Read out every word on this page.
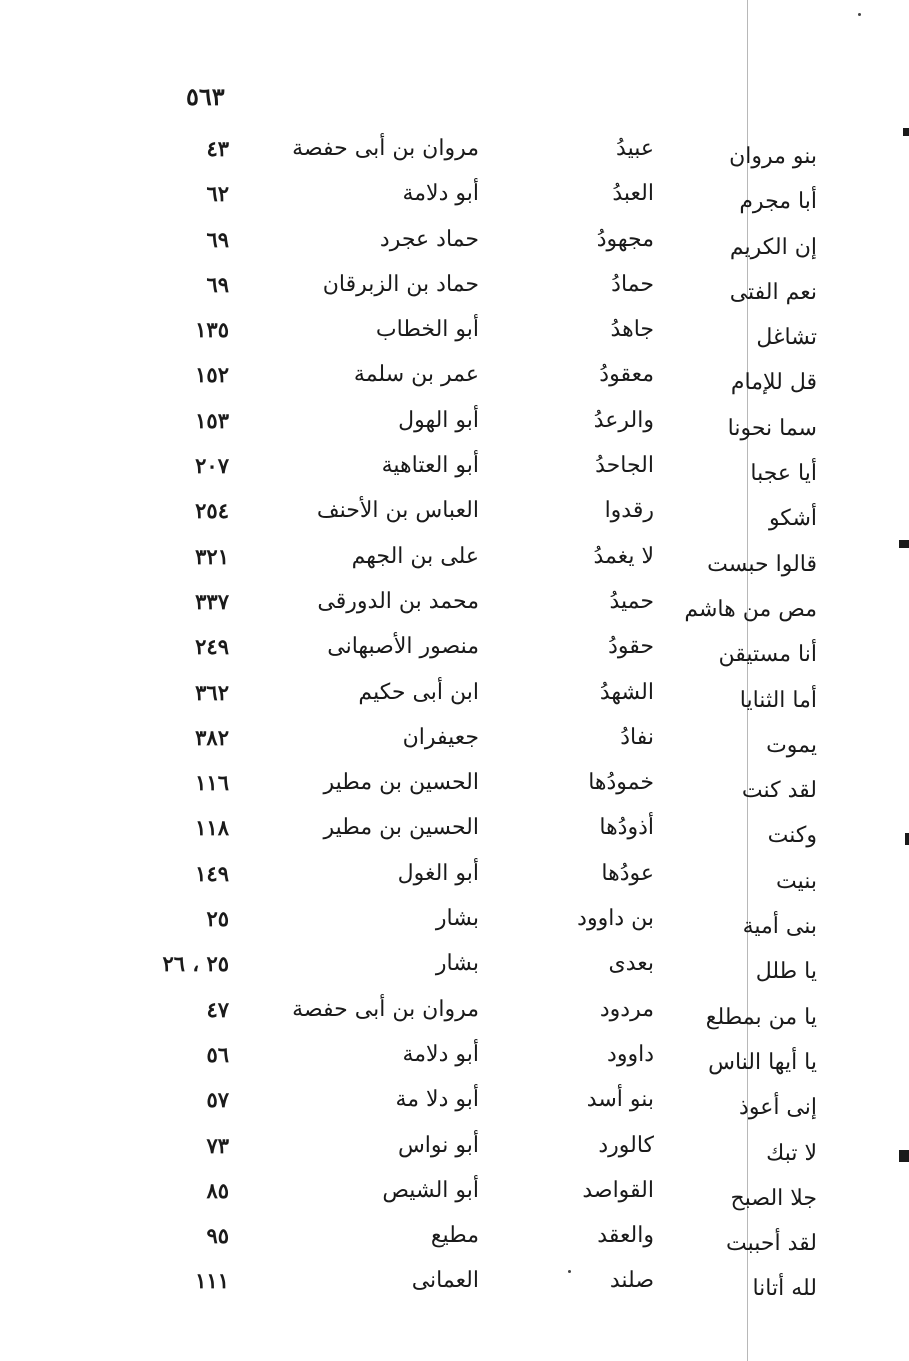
٥٦٣
بنو مروان
عبيدُ
مروان بن أبى حفصة
٤٣
أبا مجرم
العبدُ
أبو دلامة
٦٢
إن الكريم
مجهودُ
حماد عجرد
٦٩
نعم الفتى
حمادُ
حماد بن الزبرقان
٦٩
تشاغل
جاهدُ
أبو الخطاب
١٣٥
قل للإمام
معقودُ
عمر بن سلمة
١٥٢
سما نحونا
والرعدُ
أبو الهول
١٥٣
أيا عجبا
الجاحدُ
أبو العتاهية
٢٠٧
أشكو
رقدوا
العباس بن الأحنف
٢٥٤
قالوا حبست
لا يغمدُ
على بن الجهم
٣٢١
مص من هاشم
حميدُ
محمد بن الدورقى
٣٣٧
أنا مستيقن
حقودُ
منصور الأصبهانى
٢٤٩
أما الثنايا
الشهدُ
ابن أبى حكيم
٣٦٢
يموت
نفادُ
جعيفران
٣٨٢
لقد كنت
خمودُها
الحسين بن مطير
١١٦
وكنت
أذودُها
الحسين بن مطير
١١٨
بنيت
عودُها
أبو الغول
١٤٩
بنى أمية
بن داوود
بشار
٢٥
يا طلل
بعدى
بشار
٢٥ ، ٢٦
يا من بمطلع
مردود
مروان بن أبى حفصة
٤٧
يا أيها الناس
داوود
أبو دلامة
٥٦
إنى أعوذ
بنو أسد
أبو دلا مة
٥٧
لا تبك
كالورد
أبو نواس
٧٣
جلا الصبح
القواصد
أبو الشيص
٨٥
لقد أحببت
والعقد
مطيع
٩٥
لله أتانا
صلند
العمانى
١١١
